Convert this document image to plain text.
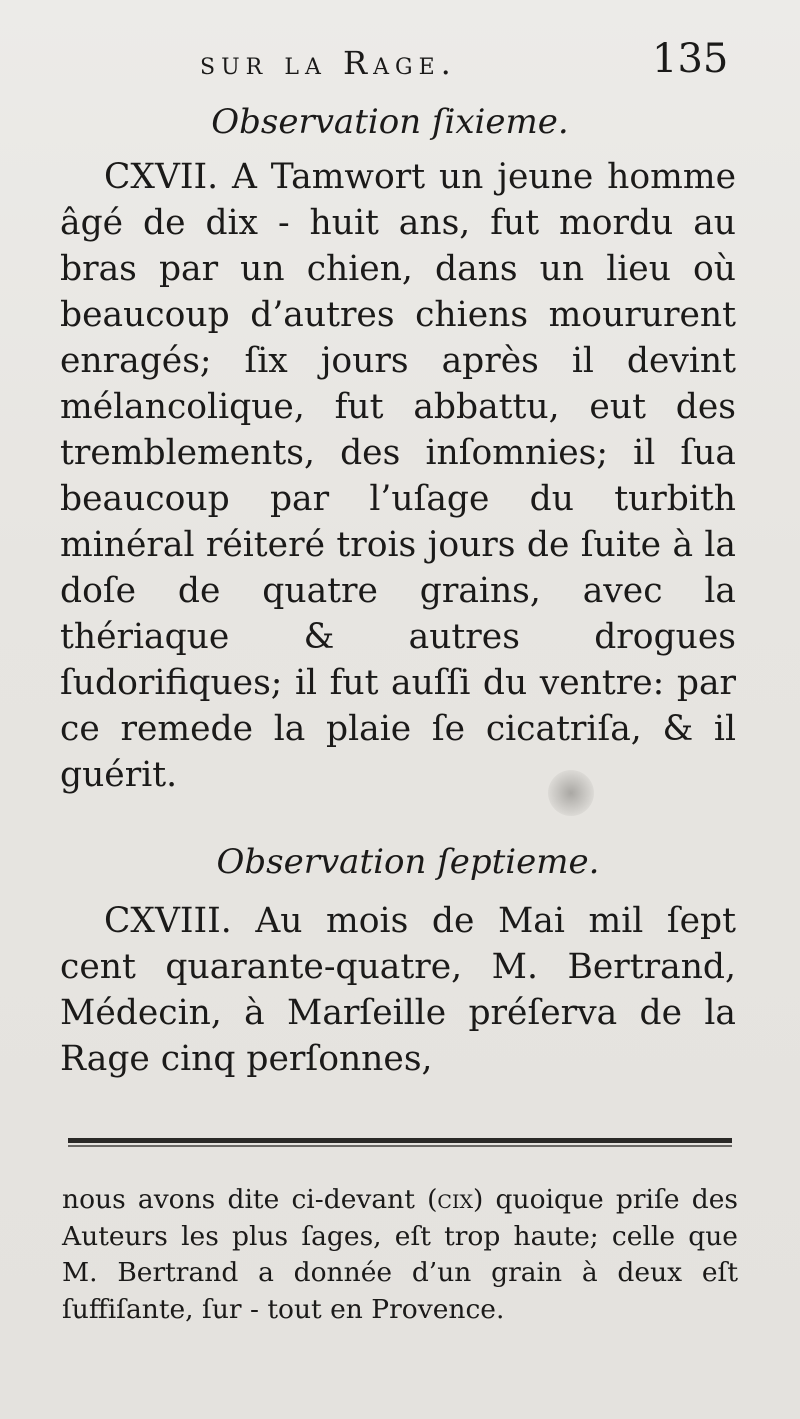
sur la Rage.	135
Observation ſixieme.
CXVII. A Tamwort un jeune homme âgé de dix - huit ans, fut mordu au bras par un chien, dans un lieu où beaucoup d’autres chiens moururent enragés; ſix jours après il devint mélancolique, fut abbattu, eut des tremblements, des inſomnies; il ſua beaucoup par l’uſage du turbith minéral réiteré trois jours de ſuite à la doſe de quatre grains, avec la thériaque & autres drogues ſudorifiques; il fut auſſi du ventre: par ce remede la plaie ſe cicatriſa, & il guérit.
Observation ſeptieme.
CXVIII. Au mois de Mai mil ſept cent quarante-quatre, M. Bertrand, Médecin, à Marſeille préſerva de la Rage cinq perſonnes,
nous avons dite ci-devant (cix) quoique priſe des Auteurs les plus ſages, eſt trop haute; celle que M. Bertrand a donnée d’un grain à deux eſt ſuffiſante, ſur - tout en Provence.
